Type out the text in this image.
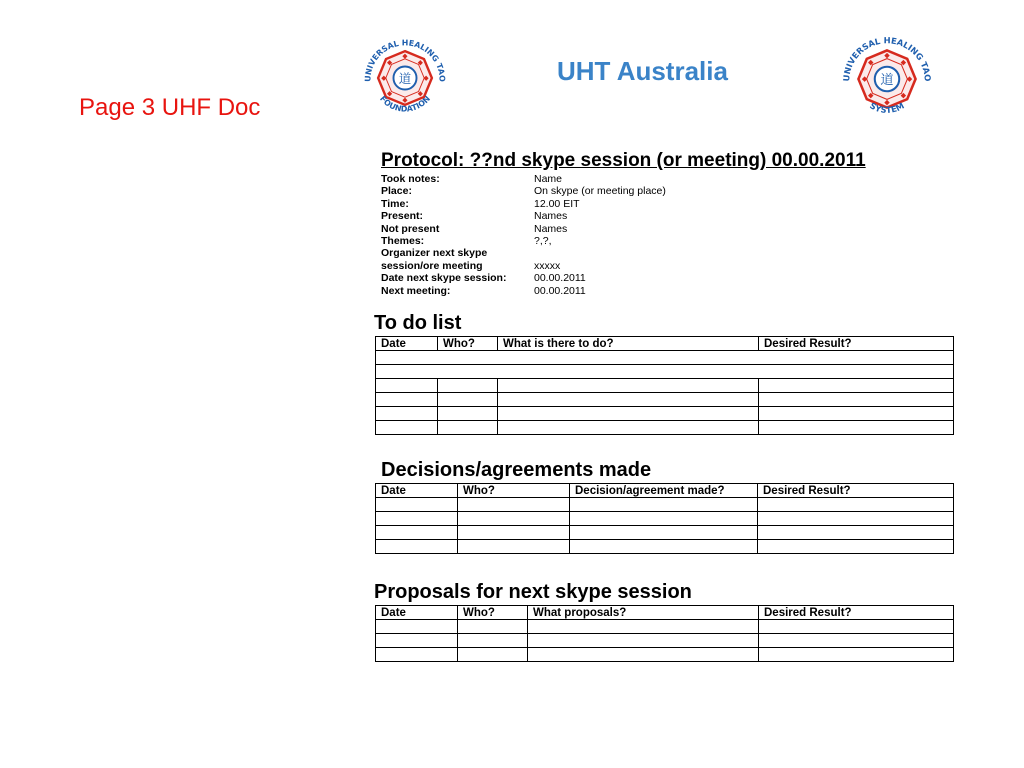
Page 3 UHF Doc
◆
◆
◆
◆
◆
◆
◆
◆
道
UNIVERSAL HEALING TAO
FOUNDATION
UHT Australia
◆
◆
◆
◆
◆
◆
◆
◆
道
UNIVERSAL HEALING TAO
SYSTEM
Protocol: ??nd skype session (or meeting) 00.00.2011
Took notes:	Name
Place:	On skype (or meeting place)
Time:	12.00 EIT
Present:	Names
Not present	Names
Themes:	?,?,
Organizer next skype
session/ore meeting	xxxxx
Date next skype session:	00.00.2011
Next meeting:	00.00.2011
To do list
Date	Who?	What is there to do?	Desired Result?

Decisions/agreements made
Date	Who?	Decision/agreement made?	Desired Result?

Proposals for next skype session
Date	Who?	What proposals?	Desired Result?
